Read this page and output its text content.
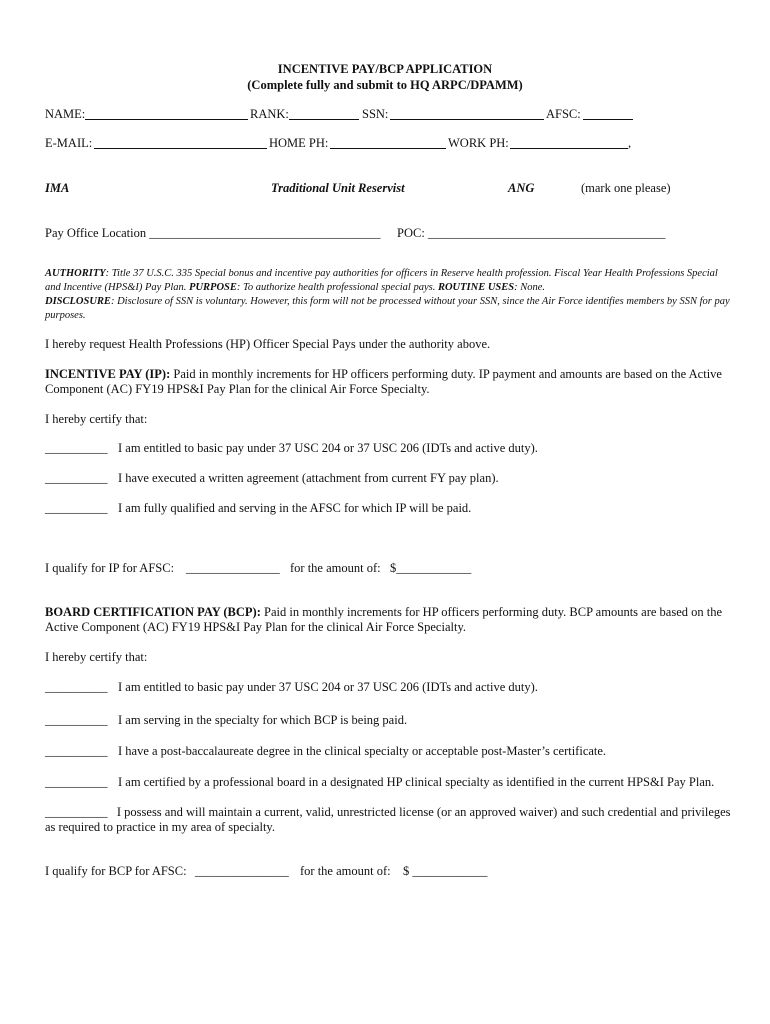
INCENTIVE PAY/BCP APPLICATION
(Complete fully and submit to HQ ARPC/DPAMM)
NAME:	RANK:	SSN:	AFSC:
E-MAIL:	HOME PH:	WORK PH:	,
IMA	Traditional Unit Reservist	ANG	(mark one please)
Pay Office Location _____________________________________ POC: ______________________________________
AUTHORITY: Title 37 U.S.C. 335 Special bonus and incentive pay authorities for officers in Reserve health profession. Fiscal Year Health Professions Special and Incentive (HPS&I) Pay Plan. PURPOSE: To authorize health professional special pays. ROUTINE USES: None.
DISCLOSURE: Disclosure of SSN is voluntary. However, this form will not be processed without your SSN, since the Air Force identifies members by SSN for pay purposes.
I hereby request Health Professions (HP) Officer Special Pays under the authority above.
INCENTIVE PAY (IP): Paid in monthly increments for HP officers performing duty. IP payment and amounts are based on the Active Component (AC) FY19 HPS&I Pay Plan for the clinical Air Force Specialty.
I hereby certify that:
__________ I am entitled to basic pay under 37 USC 204 or 37 USC 206 (IDTs and active duty).
__________ I have executed a written agreement (attachment from current FY pay plan).
__________ I am fully qualified and serving in the AFSC for which IP will be paid.
I qualify for IP for AFSC: _______________ for the amount of: $____________
BOARD CERTIFICATION PAY (BCP): Paid in monthly increments for HP officers performing duty. BCP amounts are based on the Active Component (AC) FY19 HPS&I Pay Plan for the clinical Air Force Specialty.
I hereby certify that:
__________ I am entitled to basic pay under 37 USC 204 or 37 USC 206 (IDTs and active duty).
__________ I am serving in the specialty for which BCP is being paid.
__________ I have a post-baccalaureate degree in the clinical specialty or acceptable post-Master’s certificate.
__________ I am certified by a professional board in a designated HP clinical specialty as identified in the current HPS&I Pay Plan.
__________ I possess and will maintain a current, valid, unrestricted license (or an approved waiver) and such credential and privileges as required to practice in my area of specialty.
I qualify for BCP for AFSC: _______________ for the amount of: $ ____________
